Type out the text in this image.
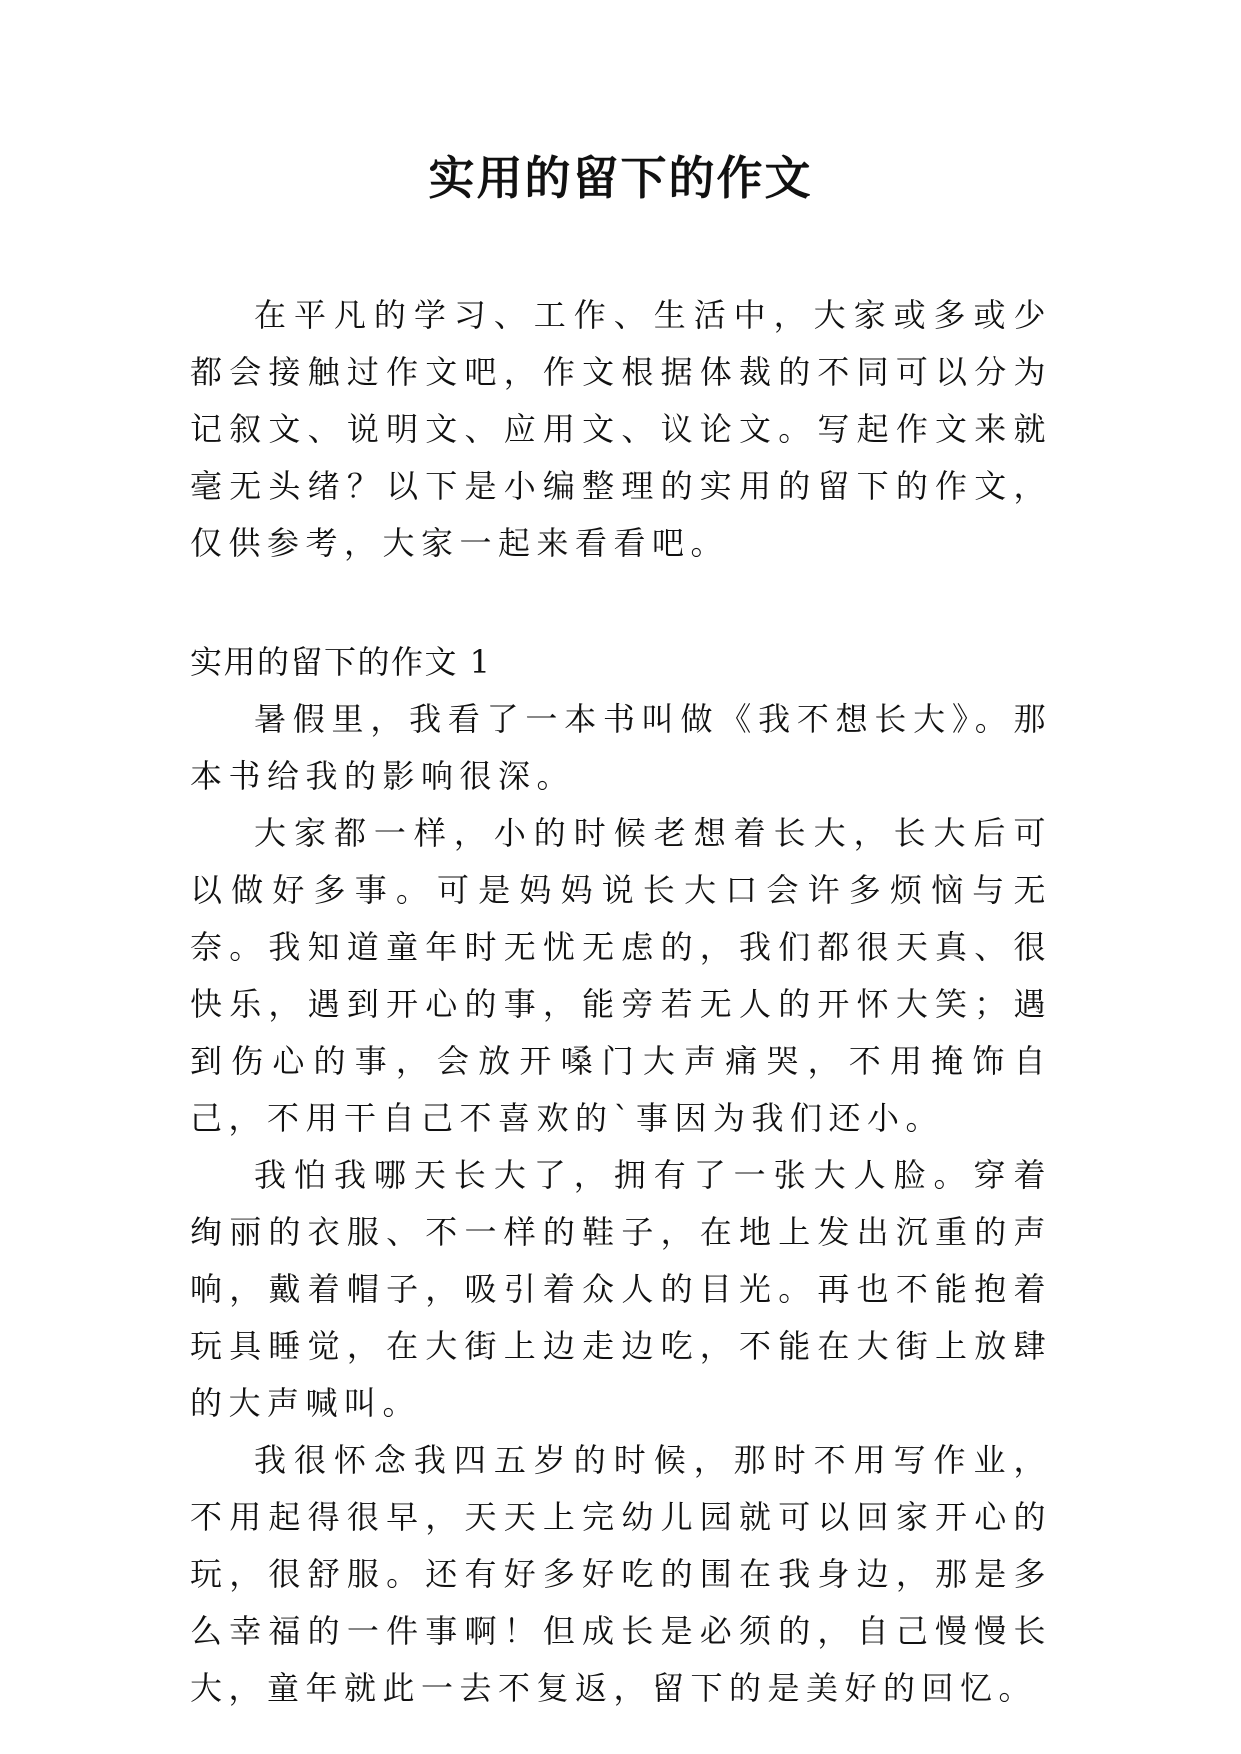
实用的留下的作文

在平凡的学习、工作、生活中，大家或多或少都会接触过作文吧，作文根据体裁的不同可以分为记叙文、说明文、应用文、议论文。写起作文来就毫无头绪？以下是小编整理的实用的留下的作文，仅供参考，大家一起来看看吧。

实用的留下的作文 1

暑假里，我看了一本书叫做《我不想长大》。那本书给我的影响很深。

大家都一样，小的时候老想着长大，长大后可以做好多事。可是妈妈说长大口会许多烦恼与无奈。我知道童年时无忧无虑的，我们都很天真、很快乐，遇到开心的事，能旁若无人的开怀大笑；遇到伤心的事，会放开嗓门大声痛哭，不用掩饰自己，不用干自己不喜欢的`事因为我们还小。

我怕我哪天长大了，拥有了一张大人脸。穿着绚丽的衣服、不一样的鞋子，在地上发出沉重的声响，戴着帽子，吸引着众人的目光。再也不能抱着玩具睡觉，在大街上边走边吃，不能在大街上放肆的大声喊叫。

我很怀念我四五岁的时候，那时不用写作业，不用起得很早，天天上完幼儿园就可以回家开心的玩，很舒服。还有好多好吃的围在我身边，那是多么幸福的一件事啊！但成长是必须的，自己慢慢长大，童年就此一去不复返，留下的是美好的回忆。
